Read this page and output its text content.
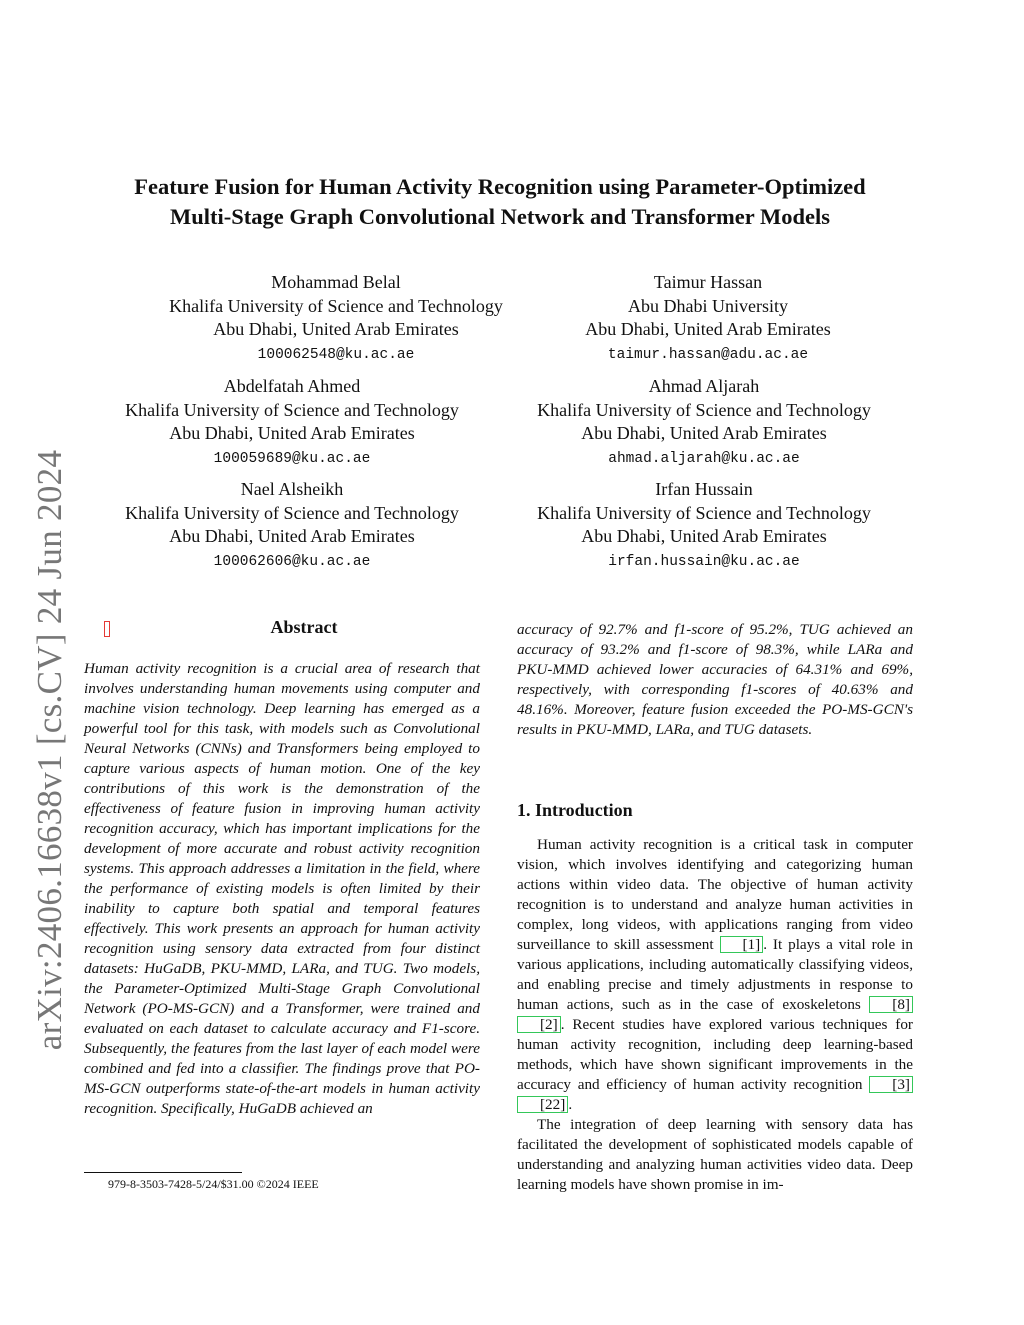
arXiv:2406.16638v1 [cs.CV] 24 Jun 2024
Feature Fusion for Human Activity Recognition using Parameter-Optimized
Multi-Stage Graph Convolutional Network and Transformer Models
Mohammad Belal
Khalifa University of Science and Technology
Abu Dhabi, United Arab Emirates
100062548@ku.ac.ae
Taimur Hassan
Abu Dhabi University
Abu Dhabi, United Arab Emirates
taimur.hassan@adu.ac.ae
Abdelfatah Ahmed
Khalifa University of Science and Technology
Abu Dhabi, United Arab Emirates
100059689@ku.ac.ae
Ahmad Aljarah
Khalifa University of Science and Technology
Abu Dhabi, United Arab Emirates
ahmad.aljarah@ku.ac.ae
Nael Alsheikh
Khalifa University of Science and Technology
Abu Dhabi, United Arab Emirates
100062606@ku.ac.ae
Irfan Hussain
Khalifa University of Science and Technology
Abu Dhabi, United Arab Emirates
irfan.hussain@ku.ac.ae
Abstract
Human activity recognition is a crucial area of research that involves understanding human movements using computer and machine vision technology. Deep learning has emerged as a powerful tool for this task, with models such as Convolutional Neural Networks (CNNs) and Transformers being employed to capture various aspects of human motion. One of the key contributions of this work is the demonstration of the effectiveness of feature fusion in improving human activity recognition accuracy, which has important implications for the development of more accurate and robust activity recognition systems. This approach addresses a limitation in the field, where the performance of existing models is often limited by their inability to capture both spatial and temporal features effectively. This work presents an approach for human activity recognition using sensory data extracted from four distinct datasets: HuGaDB, PKU-MMD, LARa, and TUG. Two models, the Parameter-Optimized Multi-Stage Graph Convolutional Network (PO-MS-GCN) and a Transformer, were trained and evaluated on each dataset to calculate accuracy and F1-score. Subsequently, the features from the last layer of each model were combined and fed into a classifier. The findings prove that PO-MS-GCN outperforms state-of-the-art models in human activity recognition. Specifically, HuGaDB achieved an
accuracy of 92.7% and f1-score of 95.2%, TUG achieved an accuracy of 93.2% and f1-score of 98.3%, while LARa and PKU-MMD achieved lower accuracies of 64.31% and 69%, respectively, with corresponding f1-scores of 40.63% and 48.16%. Moreover, feature fusion exceeded the PO-MS-GCN's results in PKU-MMD, LARa, and TUG datasets.
1. Introduction

Human activity recognition is a critical task in computer vision, which involves identifying and categorizing human actions within video data. The objective of human activity recognition is to understand and analyze human activities in complex, long videos, with applications ranging from video surveillance to skill assessment [1] . It plays a vital role in various applications, including automatically classifying videos, and enabling precise and timely adjustments in response to human actions, such as in the case of exoskeletons [8] [2] . Recent studies have explored various techniques for human activity recognition, including deep learning-based methods, which have shown significant improvements in the accuracy and efficiency of human activity recognition [3] [22] .

The integration of deep learning with sensory data has facilitated the development of sophisticated models capable of understanding and analyzing human activities video data. Deep learning models have shown promise in im-

979-8-3503-7428-5/24/$31.00 ©2024 IEEE
